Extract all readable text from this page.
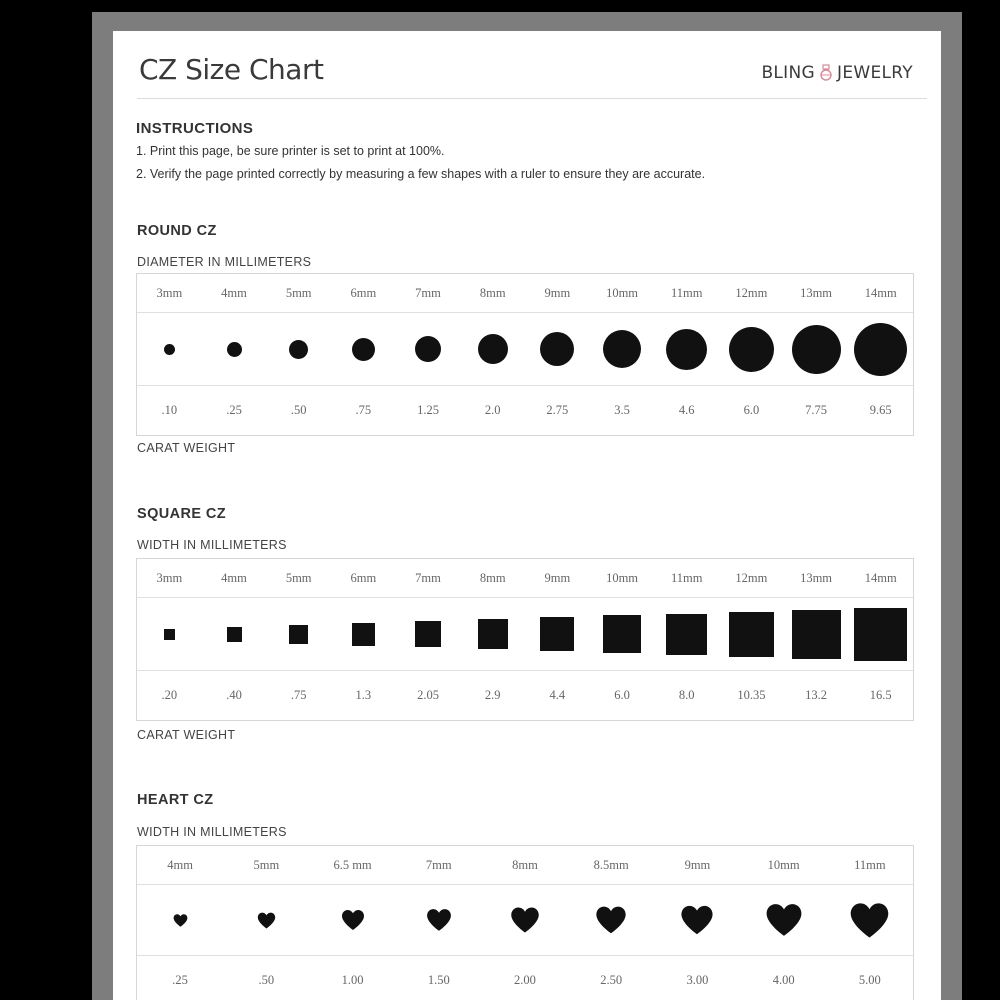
CZ Size Chart	BLING JEWELRY
INSTRUCTIONS

1. Print this page, be sure printer is set to print at 100%.

2. Verify the page printed correctly by measuring a few shapes with a ruler to ensure they are accurate.

ROUND CZ
DIAMETER IN MILLIMETERS
3mm	4mm	5mm	6mm	7mm	8mm	9mm	10mm	11mm	12mm	13mm	14mm
.10	.25	.50	.75	1.25	2.0	2.75	3.5	4.6	6.0	7.75	9.65
CARAT WEIGHT
SQUARE CZ
WIDTH IN MILLIMETERS
3mm	4mm	5mm	6mm	7mm	8mm	9mm	10mm	11mm	12mm	13mm	14mm
.20	.40	.75	1.3	2.05	2.9	4.4	6.0	8.0	10.35	13.2	16.5
CARAT WEIGHT
HEART CZ
WIDTH IN MILLIMETERS
4mm	5mm	6.5 mm	7mm	8mm	8.5mm	9mm	10mm	11mm
.25	.50	1.00	1.50	2.00	2.50	3.00	4.00	5.00
